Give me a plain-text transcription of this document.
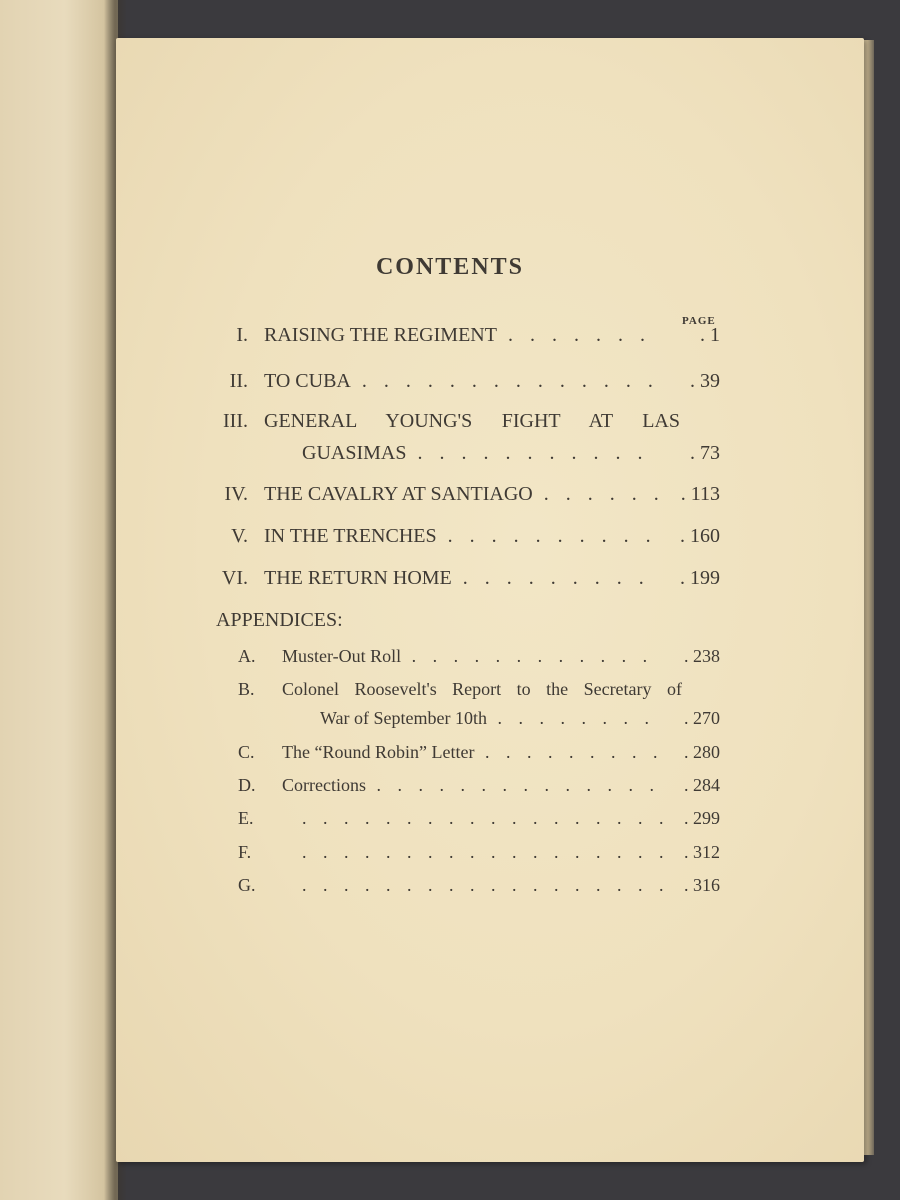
CONTENTS
PAGE
I. RAISING THE REGIMENT . . .	. 1
II. TO CUBA . . .	. 39
III. GENERAL YOUNG'S FIGHT AT LAS
GUASIMAS . . .	. 73
IV. THE CAVALRY AT SANTIAGO . . .	. 113
V. IN THE TRENCHES . . .	. 160
VI. THE RETURN HOME . . .	. 199
APPENDICES:
A.	Muster-Out Roll . . .	. 238
B.	Colonel Roosevelt's Report to the Secretary of
War of September 10th . . .	. 270
C.	The “Round Robin” Letter . . .	. 280
D.	Corrections . . .	. 284
E. . . .	. 299
F. . . .	. 312
G. . . .	. 316
